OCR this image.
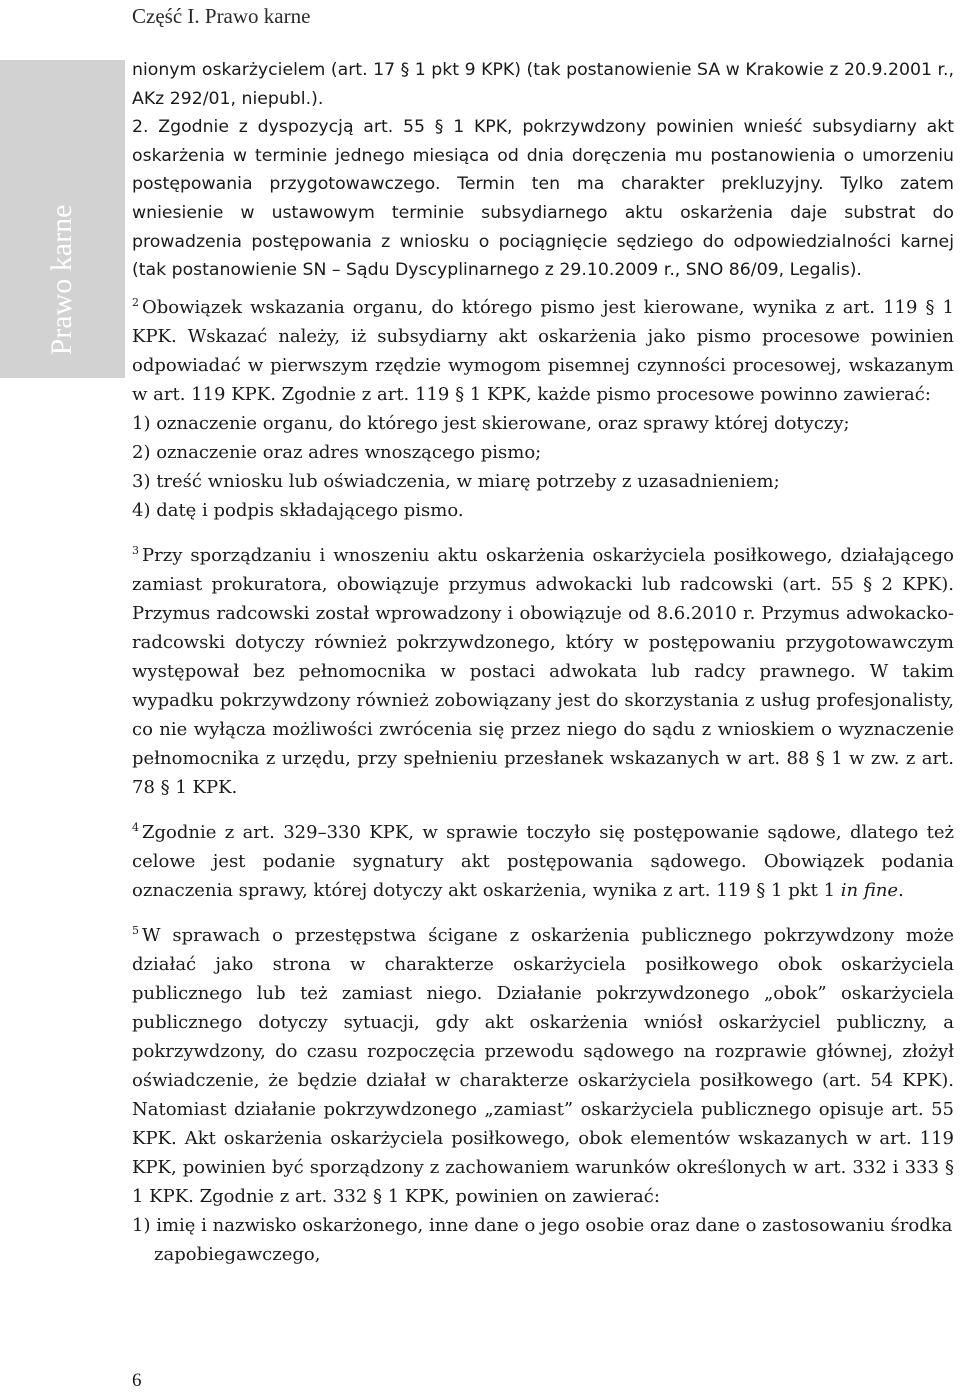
Część I. Prawo karne
Prawo karne

nionym oskarżycielem (art. 17 § 1 pkt 9 KPK) (tak postanowienie SA w Krakowie z 20.9.2001 r., AKz 292/01, niepubl.).

2. Zgodnie z dyspozycją art. 55 § 1 KPK, pokrzywdzony powinien wnieść subsydiarny akt oskarżenia w terminie jednego miesiąca od dnia doręczenia mu postanowienia o umorzeniu postępowania przygotowawczego. Termin ten ma charakter prekluzyjny. Tylko zatem wniesienie w ustawowym terminie subsydiarnego aktu oskarżenia daje substrat do prowadzenia postępowania z wniosku o pociągnięcie sędziego do odpowiedzialności karnej (tak postanowienie SN – Sądu Dyscyplinarnego z 29.10.2009 r., SNO 86/09, Legalis).

$^2$ Obowiązek wskazania organu, do którego pismo jest kierowane, wynika z art. 119 § 1 KPK. Wskazać należy, iż subsydiarny akt oskarżenia jako pismo procesowe powinien odpowiadać w pierwszym rzędzie wymogom pisemnej czynności procesowej, wskazanym w art. 119 KPK. Zgodnie z art. 119 § 1 KPK, każde pismo procesowe powinno zawierać:

1) oznaczenie organu, do którego jest skierowane, oraz sprawy której dotyczy;
2) oznaczenie oraz adres wnoszącego pismo;
3) treść wniosku lub oświadczenia, w miarę potrzeby z uzasadnieniem;
4) datę i podpis składającego pismo.

$^3$ Przy sporządzaniu i wnoszeniu aktu oskarżenia oskarżyciela posiłkowego, działającego zamiast prokuratora, obowiązuje przymus adwokacki lub radcowski (art. 55 § 2 KPK). Przymus radcowski został wprowadzony i obowiązuje od 8.6.2010 r. Przymus adwokacko-radcowski dotyczy również pokrzywdzonego, który w postępowaniu przygotowawczym występował bez pełnomocnika w postaci adwokata lub radcy prawnego. W takim wypadku pokrzywdzony również zobowiązany jest do skorzystania z usług profesjonalisty, co nie wyłącza możliwości zwrócenia się przez niego do sądu z wnioskiem o wyznaczenie pełnomocnika z urzędu, przy spełnieniu przesłanek wskazanych w art. 88 § 1 w zw. z art. 78 § 1 KPK.

$^4$ Zgodnie z art. 329–330 KPK, w sprawie toczyło się postępowanie sądowe, dlatego też celowe jest podanie sygnatury akt postępowania sądowego. Obowiązek podania oznaczenia sprawy, której dotyczy akt oskarżenia, wynika z art. 119 § 1 pkt 1 in fine.

$^5$ W sprawach o przestępstwa ścigane z oskarżenia publicznego pokrzywdzony może działać jako strona w charakterze oskarżyciela posiłkowego obok oskarżyciela publicznego lub też zamiast niego. Działanie pokrzywdzonego „obok” oskarżyciela publicznego dotyczy sytuacji, gdy akt oskarżenia wniósł oskarżyciel publiczny, a pokrzywdzony, do czasu rozpoczęcia przewodu sądowego na rozprawie głównej, złożył oświadczenie, że będzie działał w charakterze oskarżyciela posiłkowego (art. 54 KPK). Natomiast działanie pokrzywdzonego „zamiast” oskarżyciela publicznego opisuje art. 55 KPK. Akt oskarżenia oskarżyciela posiłkowego, obok elementów wskazanych w art. 119 KPK, powinien być sporządzony z zachowaniem warunków określonych w art. 332 i 333 § 1 KPK. Zgodnie z art. 332 § 1 KPK, powinien on zawierać:

1) imię i nazwisko oskarżonego, inne dane o jego osobie oraz dane o zastosowaniu środka zapobiegawczego,
6
